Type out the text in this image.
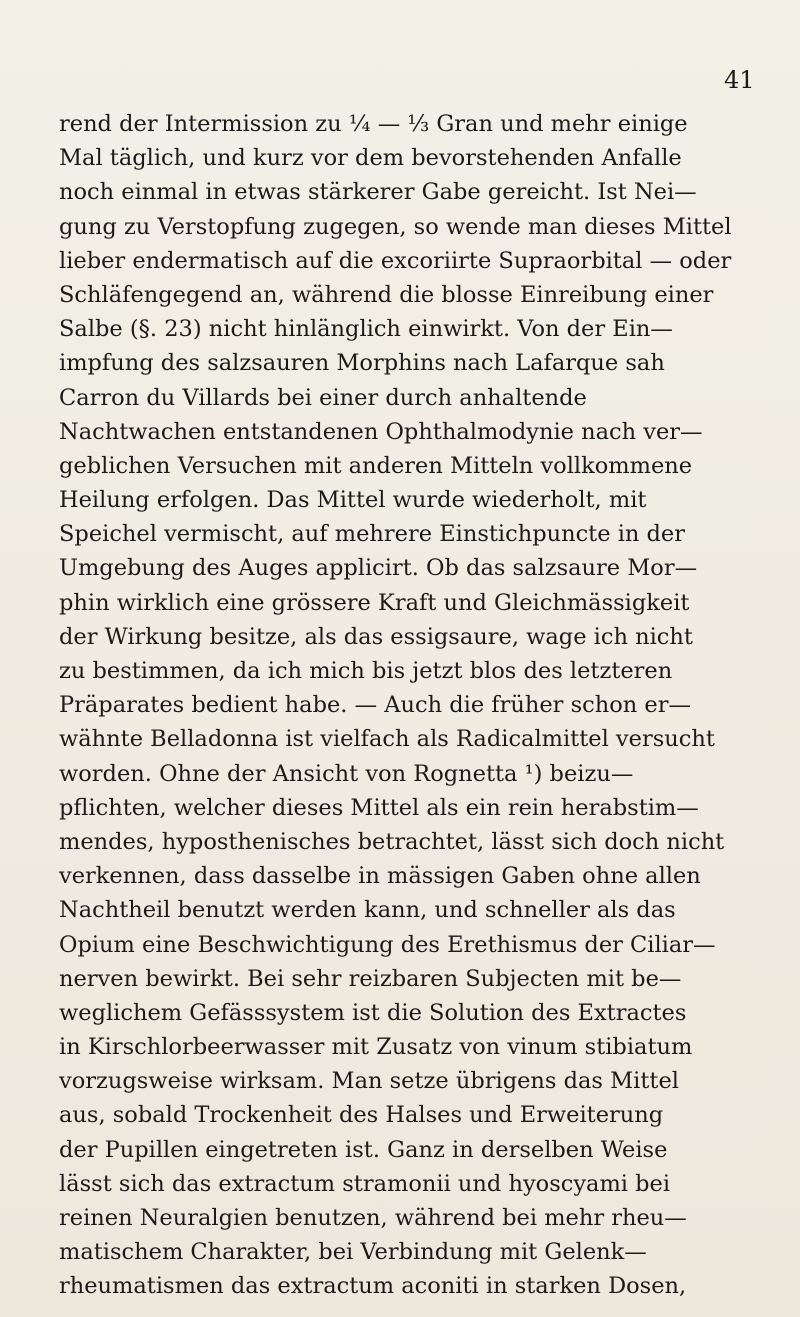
41
rend der Intermission zu ¼ — ⅓ Gran und mehr einige
Mal täglich, und kurz vor dem bevorstehenden Anfalle
noch einmal in etwas stärkerer Gabe gereicht. Ist Nei—
gung zu Verstopfung zugegen, so wende man dieses Mittel
lieber endermatisch auf die excoriirte Supraorbital — oder
Schläfengegend an, während die blosse Einreibung einer
Salbe (§. 23) nicht hinlänglich einwirkt. Von der Ein—
impfung des salzsauren Morphins nach Lafarque sah
Carron du Villards bei einer durch anhaltende
Nachtwachen entstandenen Ophthalmodynie nach ver—
geblichen Versuchen mit anderen Mitteln vollkommene
Heilung erfolgen. Das Mittel wurde wiederholt, mit
Speichel vermischt, auf mehrere Einstichpuncte in der
Umgebung des Auges applicirt. Ob das salzsaure Mor—
phin wirklich eine grössere Kraft und Gleichmässigkeit
der Wirkung besitze, als das essigsaure, wage ich nicht
zu bestimmen, da ich mich bis jetzt blos des letzteren
Präparates bedient habe. — Auch die früher schon er—
wähnte Belladonna ist vielfach als Radicalmittel versucht
worden. Ohne der Ansicht von Rognetta ¹) beizu—
pflichten, welcher dieses Mittel als ein rein herabstim—
mendes, hyposthenisches betrachtet, lässt sich doch nicht
verkennen, dass dasselbe in mässigen Gaben ohne allen
Nachtheil benutzt werden kann, und schneller als das
Opium eine Beschwichtigung des Erethismus der Ciliar—
nerven bewirkt. Bei sehr reizbaren Subjecten mit be—
weglichem Gefässsystem ist die Solution des Extractes
in Kirschlorbeerwasser mit Zusatz von vinum stibiatum
vorzugsweise wirksam. Man setze übrigens das Mittel
aus, sobald Trockenheit des Halses und Erweiterung
der Pupillen eingetreten ist. Ganz in derselben Weise
lässt sich das extractum stramonii und hyoscyami bei
reinen Neuralgien benutzen, während bei mehr rheu—
matischem Charakter, bei Verbindung mit Gelenk—
rheumatismen das extractum aconiti in starken Dosen,
